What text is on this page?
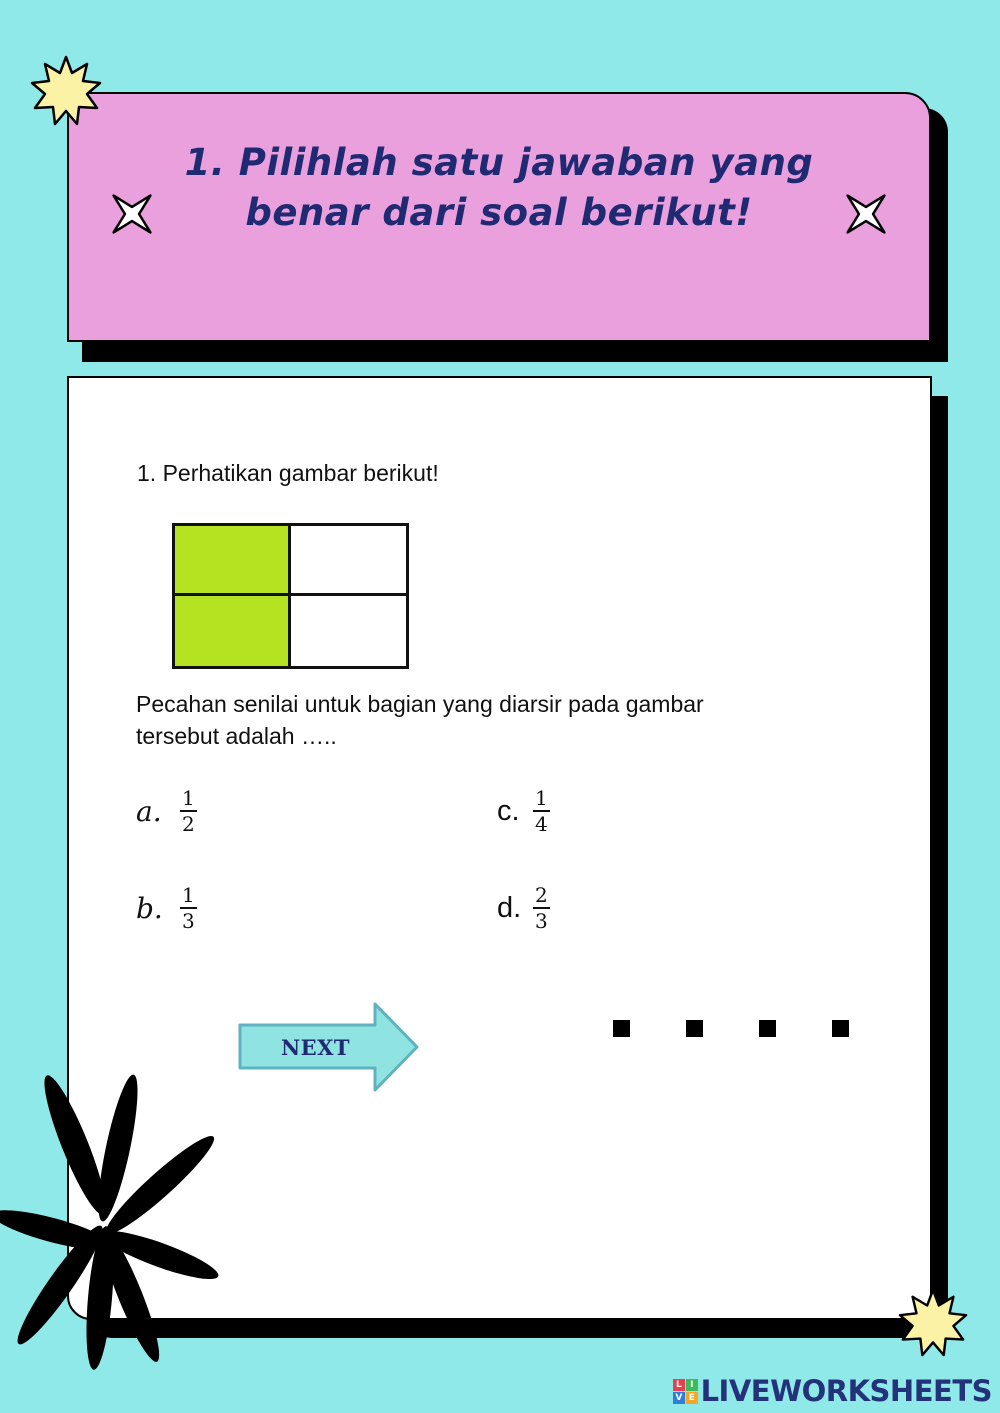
1. Pilihlah satu jawaban yang
benar dari soal berikut!
1. Perhatikan gambar berikut!
Pecahan senilai untuk bagian yang diarsir pada gambar
tersebut adalah …..
a. $\frac{1}{2}$
b. $\frac{1}{3}$
c. $\frac{1}{4}$
d. $\frac{2}{3}$
NEXT
L I
V E LIVEWORKSHEETS
